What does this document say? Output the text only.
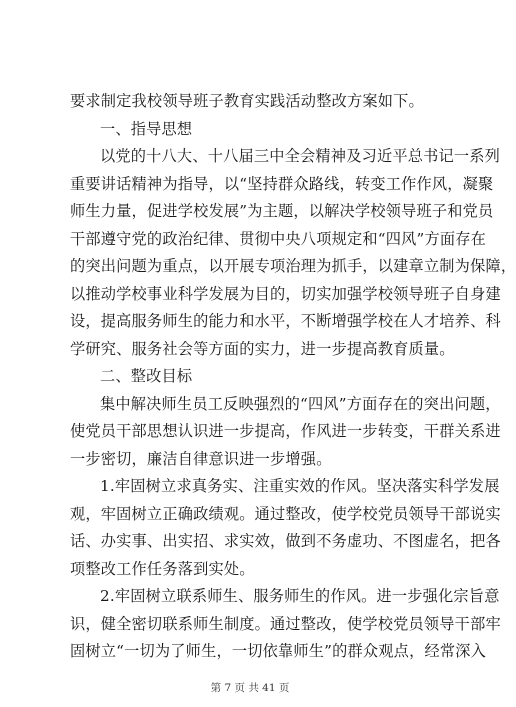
要求制定我校领导班子教育实践活动整改方案如下。
一、指导思想
以党的十八大、十八届三中全会精神及习近平总书记一系列
重要讲话精神为指导，以“坚持群众路线，转变工作作风，凝聚
师生力量，促进学校发展”为主题，以解决学校领导班子和党员
干部遵守党的政治纪律、贯彻中央八项规定和“四风”方面存在
的突出问题为重点，以开展专项治理为抓手，以建章立制为保障，
以推动学校事业科学发展为目的，切实加强学校领导班子自身建
设，提高服务师生的能力和水平，不断增强学校在人才培养、科
学研究、服务社会等方面的实力，进一步提高教育质量。
二、整改目标
集中解决师生员工反映强烈的“四风”方面存在的突出问题，
使党员干部思想认识进一步提高，作风进一步转变，干群关系进
一步密切，廉洁自律意识进一步增强。
1.牢固树立求真务实、注重实效的作风。坚决落实科学发展
观，牢固树立正确政绩观。通过整改，使学校党员领导干部说实
话、办实事、出实招、求实效，做到不务虚功、不图虚名，把各
项整改工作任务落到实处。
2.牢固树立联系师生、服务师生的作风。进一步强化宗旨意
识，健全密切联系师生制度。通过整改，使学校党员领导干部牢
固树立“一切为了师生，一切依靠师生”的群众观点，经常深入
第 7 页 共 41 页
